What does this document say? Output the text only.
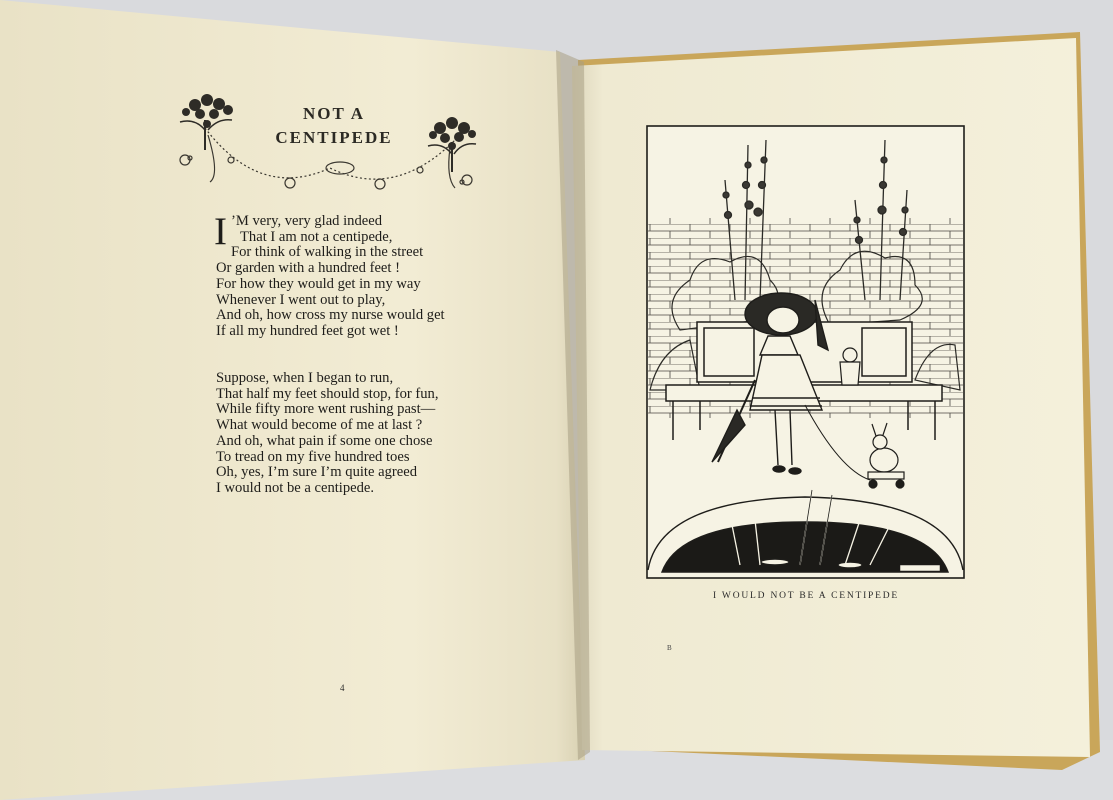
NOT A
CENTIPEDE
I ’M very, very glad indeed
That I am not a centipede,
For think of walking in the street
Or garden with a hundred feet !
For how they would get in my way
Whenever I went out to play,
And oh, how cross my nurse would get
If all my hundred feet got wet !
Suppose, when I began to run,
That half my feet should stop, for fun,
While fifty more went rushing past—
What would become of me at last ?
And oh, what pain if some one chose
To tread on my five hundred toes
Oh, yes, I’m sure I’m quite agreed
I would not be a centipede.
4
I WOULD NOT BE A CENTIPEDE
B
